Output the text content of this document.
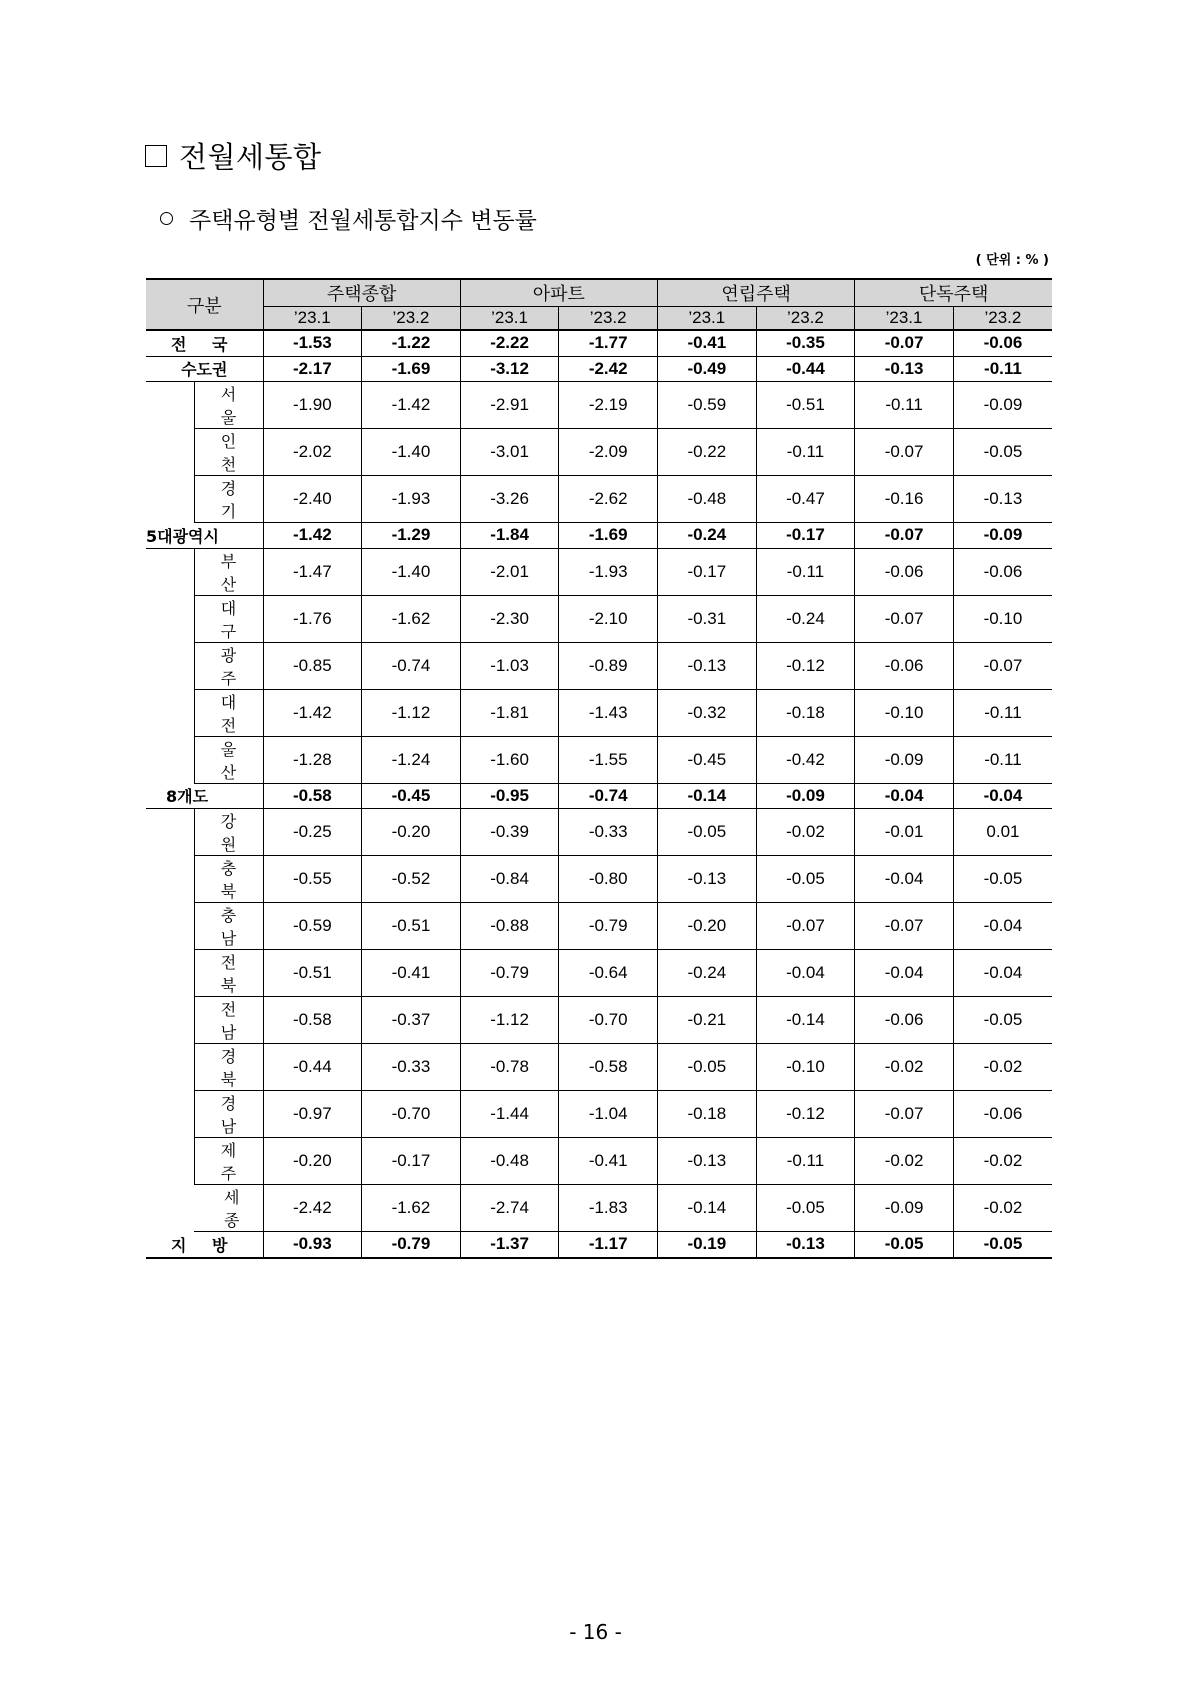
전월세통합
주택유형별 전월세통합지수 변동률
( 단위 : % )
구분		주택종합		아파트		연립주택		단독주택	
		’23.1	’23.2	’23.1	’23.2	’23.1	’23.2	’23.1	’23.2
전 국		-1.53	-1.22	-2.22	-1.77	-0.41	-0.35	-0.07	-0.06
수도권		-2.17	-1.69	-3.12	-2.42	-0.49	-0.44	-0.13	-0.11
	서울	-1.90	-1.42	-2.91	-2.19	-0.59	-0.51	-0.11	-0.09
	인천	-2.02	-1.40	-3.01	-2.09	-0.22	-0.11	-0.07	-0.05
	경기	-2.40	-1.93	-3.26	-2.62	-0.48	-0.47	-0.16	-0.13
5대광역시		-1.42	-1.29	-1.84	-1.69	-0.24	-0.17	-0.07	-0.09
	부산	-1.47	-1.40	-2.01	-1.93	-0.17	-0.11	-0.06	-0.06
	대구	-1.76	-1.62	-2.30	-2.10	-0.31	-0.24	-0.07	-0.10
	광주	-0.85	-0.74	-1.03	-0.89	-0.13	-0.12	-0.06	-0.07
	대전	-1.42	-1.12	-1.81	-1.43	-0.32	-0.18	-0.10	-0.11
	울산	-1.28	-1.24	-1.60	-1.55	-0.45	-0.42	-0.09	-0.11
8개도		-0.58	-0.45	-0.95	-0.74	-0.14	-0.09	-0.04	-0.04
	강원	-0.25	-0.20	-0.39	-0.33	-0.05	-0.02	-0.01	0.01
	충북	-0.55	-0.52	-0.84	-0.80	-0.13	-0.05	-0.04	-0.05
	충남	-0.59	-0.51	-0.88	-0.79	-0.20	-0.07	-0.07	-0.04
	전북	-0.51	-0.41	-0.79	-0.64	-0.24	-0.04	-0.04	-0.04
	전남	-0.58	-0.37	-1.12	-0.70	-0.21	-0.14	-0.06	-0.05
	경북	-0.44	-0.33	-0.78	-0.58	-0.05	-0.10	-0.02	-0.02
	경남	-0.97	-0.70	-1.44	-1.04	-0.18	-0.12	-0.07	-0.06
	제주	-0.20	-0.17	-0.48	-0.41	-0.13	-0.11	-0.02	-0.02
	세종	-2.42	-1.62	-2.74	-1.83	-0.14	-0.05	-0.09	-0.02
지 방		-0.93	-0.79	-1.37	-1.17	-0.19	-0.13	-0.05	-0.05
- 16 -
